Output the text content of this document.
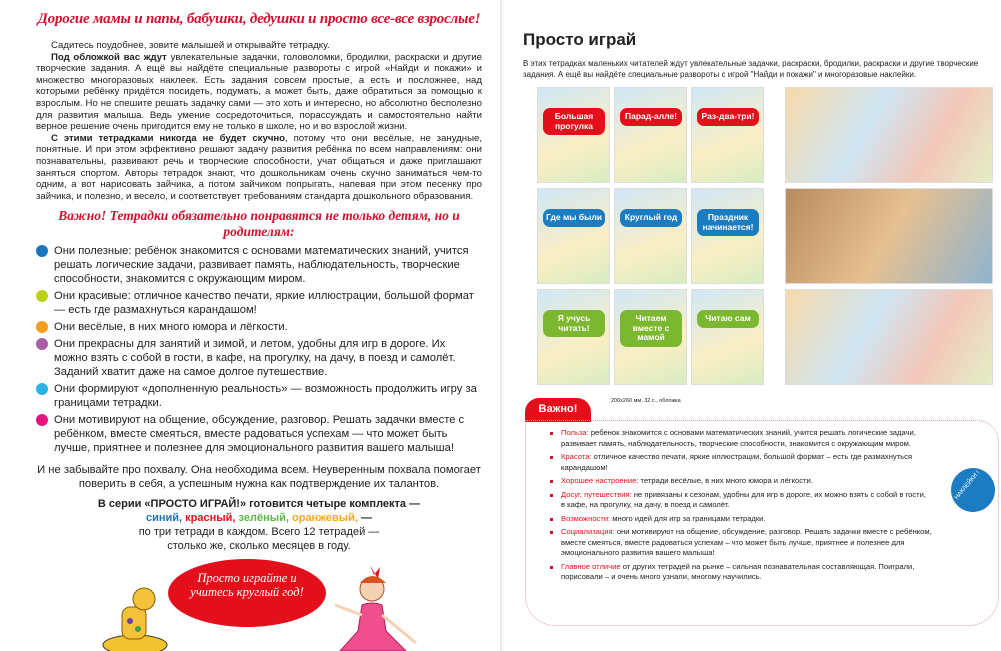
Дорогие мамы и папы, бабушки, дедушки и просто все-все взрослые!

Садитесь поудобнее, зовите малышей и открывайте тетрадку.

Под обложкой вас ждут увлекательные задачки, головоломки, бродилки, раскраски и другие творческие задания. А ещё вы найдёте специальные развороты с игрой «Найди и покажи» и множество многоразовых наклеек. Есть задания совсем простые, а есть и посложнее, над которыми ребёнку придётся посидеть, подумать, а может быть, даже обратиться за помощью к взрослым. Но не спешите решать задачку сами — это хоть и интересно, но абсолютно бесполезно для развития малыша. Ведь умение сосредоточиться, порассуждать и самостоятельно найти верное решение очень пригодится ему не только в школе, но и во взрослой жизни.

С этими тетрадками никогда не будет скучно, потому что они весёлые, не занудные, понятные. И при этом эффективно решают задачу развития ребёнка по всем направлениям: они познавательны, развивают речь и творческие способности, учат общаться и даже приглашают заняться спортом. Авторы тетрадок знают, что дошкольникам очень скучно заниматься чем-то одним, а вот нарисовать зайчика, а потом зайчиком попрыгать, напевая при этом песенку про зайчика, и полезно, и весело, и соответствует требованиям стандарта дошкольного образования.

Важно! Тетрадки обязательно понравятся не только детям, но и родителям:
Они полезные: ребёнок знакомится с основами математических знаний, учится решать логические задачи, развивает память, наблюдательность, творческие способности, знакомится с окружающим миром.
Они красивые: отличное качество печати, яркие иллюстрации, большой формат — есть где размахнуться карандашом!
Они весёлые, в них много юмора и лёгкости.
Они прекрасны для занятий и зимой, и летом, удобны для игр в дороге. Их можно взять с собой в гости, в кафе, на прогулку, на дачу, в поезд и самолёт. Заданий хватит даже на самое долгое путешествие.
Они формируют «дополненную реальность» — возможность продолжить игру за границами тетрадки.
Они мотивируют на общение, обсуждение, разговор. Решать задачки вместе с ребёнком, вместе смеяться, вместе радоваться успехам — что может быть лучше, приятнее и полезнее для эмоционального развития вашего малыша!
И не забывайте про похвалу. Она необходима всем. Неуверенным похвала помогает поверить в себя, а успешным нужна как подтверждение их талантов.
В серии «ПРОСТО ИГРАЙ!» готовится четыре комплекта —
синий, красный, зелёный, оранжевый, —
по три тетради в каждом. Всего 12 тетрадей —
столько же, сколько месяцев в году.
Просто играйте и учитесь круглый год!
Просто играй
В этих тетрадках маленьких читателей ждут увлекательные задачки, раскраски, бродилки, раскраски и другие творческие задания. А ещё вы найдёте специальные развороты с игрой "Найди и покажи" и многоразовые наклейки.
Большая прогулка
Парад-алле!	Раз-два-три!
Где мы были	Круглый год	Праздник начинается!
Я учусь читать!
Читаем вместе с мамой
Читаю сам
200x260 мм, 32 с., обложка
Важно!
НАКЛЕЙКИ !
Польза: ребенок знакомится с основами математических знаний, учится решать логические задачи, развивает память, наблюдательность, творческие способности, знакомится с окружающим миром.
Красота: отличное качество печати, яркие иллюстрации, большой формат – есть где размахнуться карандашом!
Хорошее настроение: тетради весёлые, в них много юмора и лёгкости.
Досуг, путешествия: не привязаны к сезонам, удобны для игр в дороге, их можно взять с собой в гости, в кафе, на прогулку, на дачу, в поезд и самолёт.
Возможности: много идей для игр за границами тетрадки.
Социализация: они мотивируют на общение, обсуждение, разговор. Решать задачки вместе с ребёнком, вместе смеяться, вместе радоваться успехам – что может быть лучше, приятнее и полезнее для эмоционального развития вашего малыша!
Главное отличие от других тетрадей на рынке – сильная познавательная составляющая. Поиграли, порисовали – и очень много узнали, многому научились.
